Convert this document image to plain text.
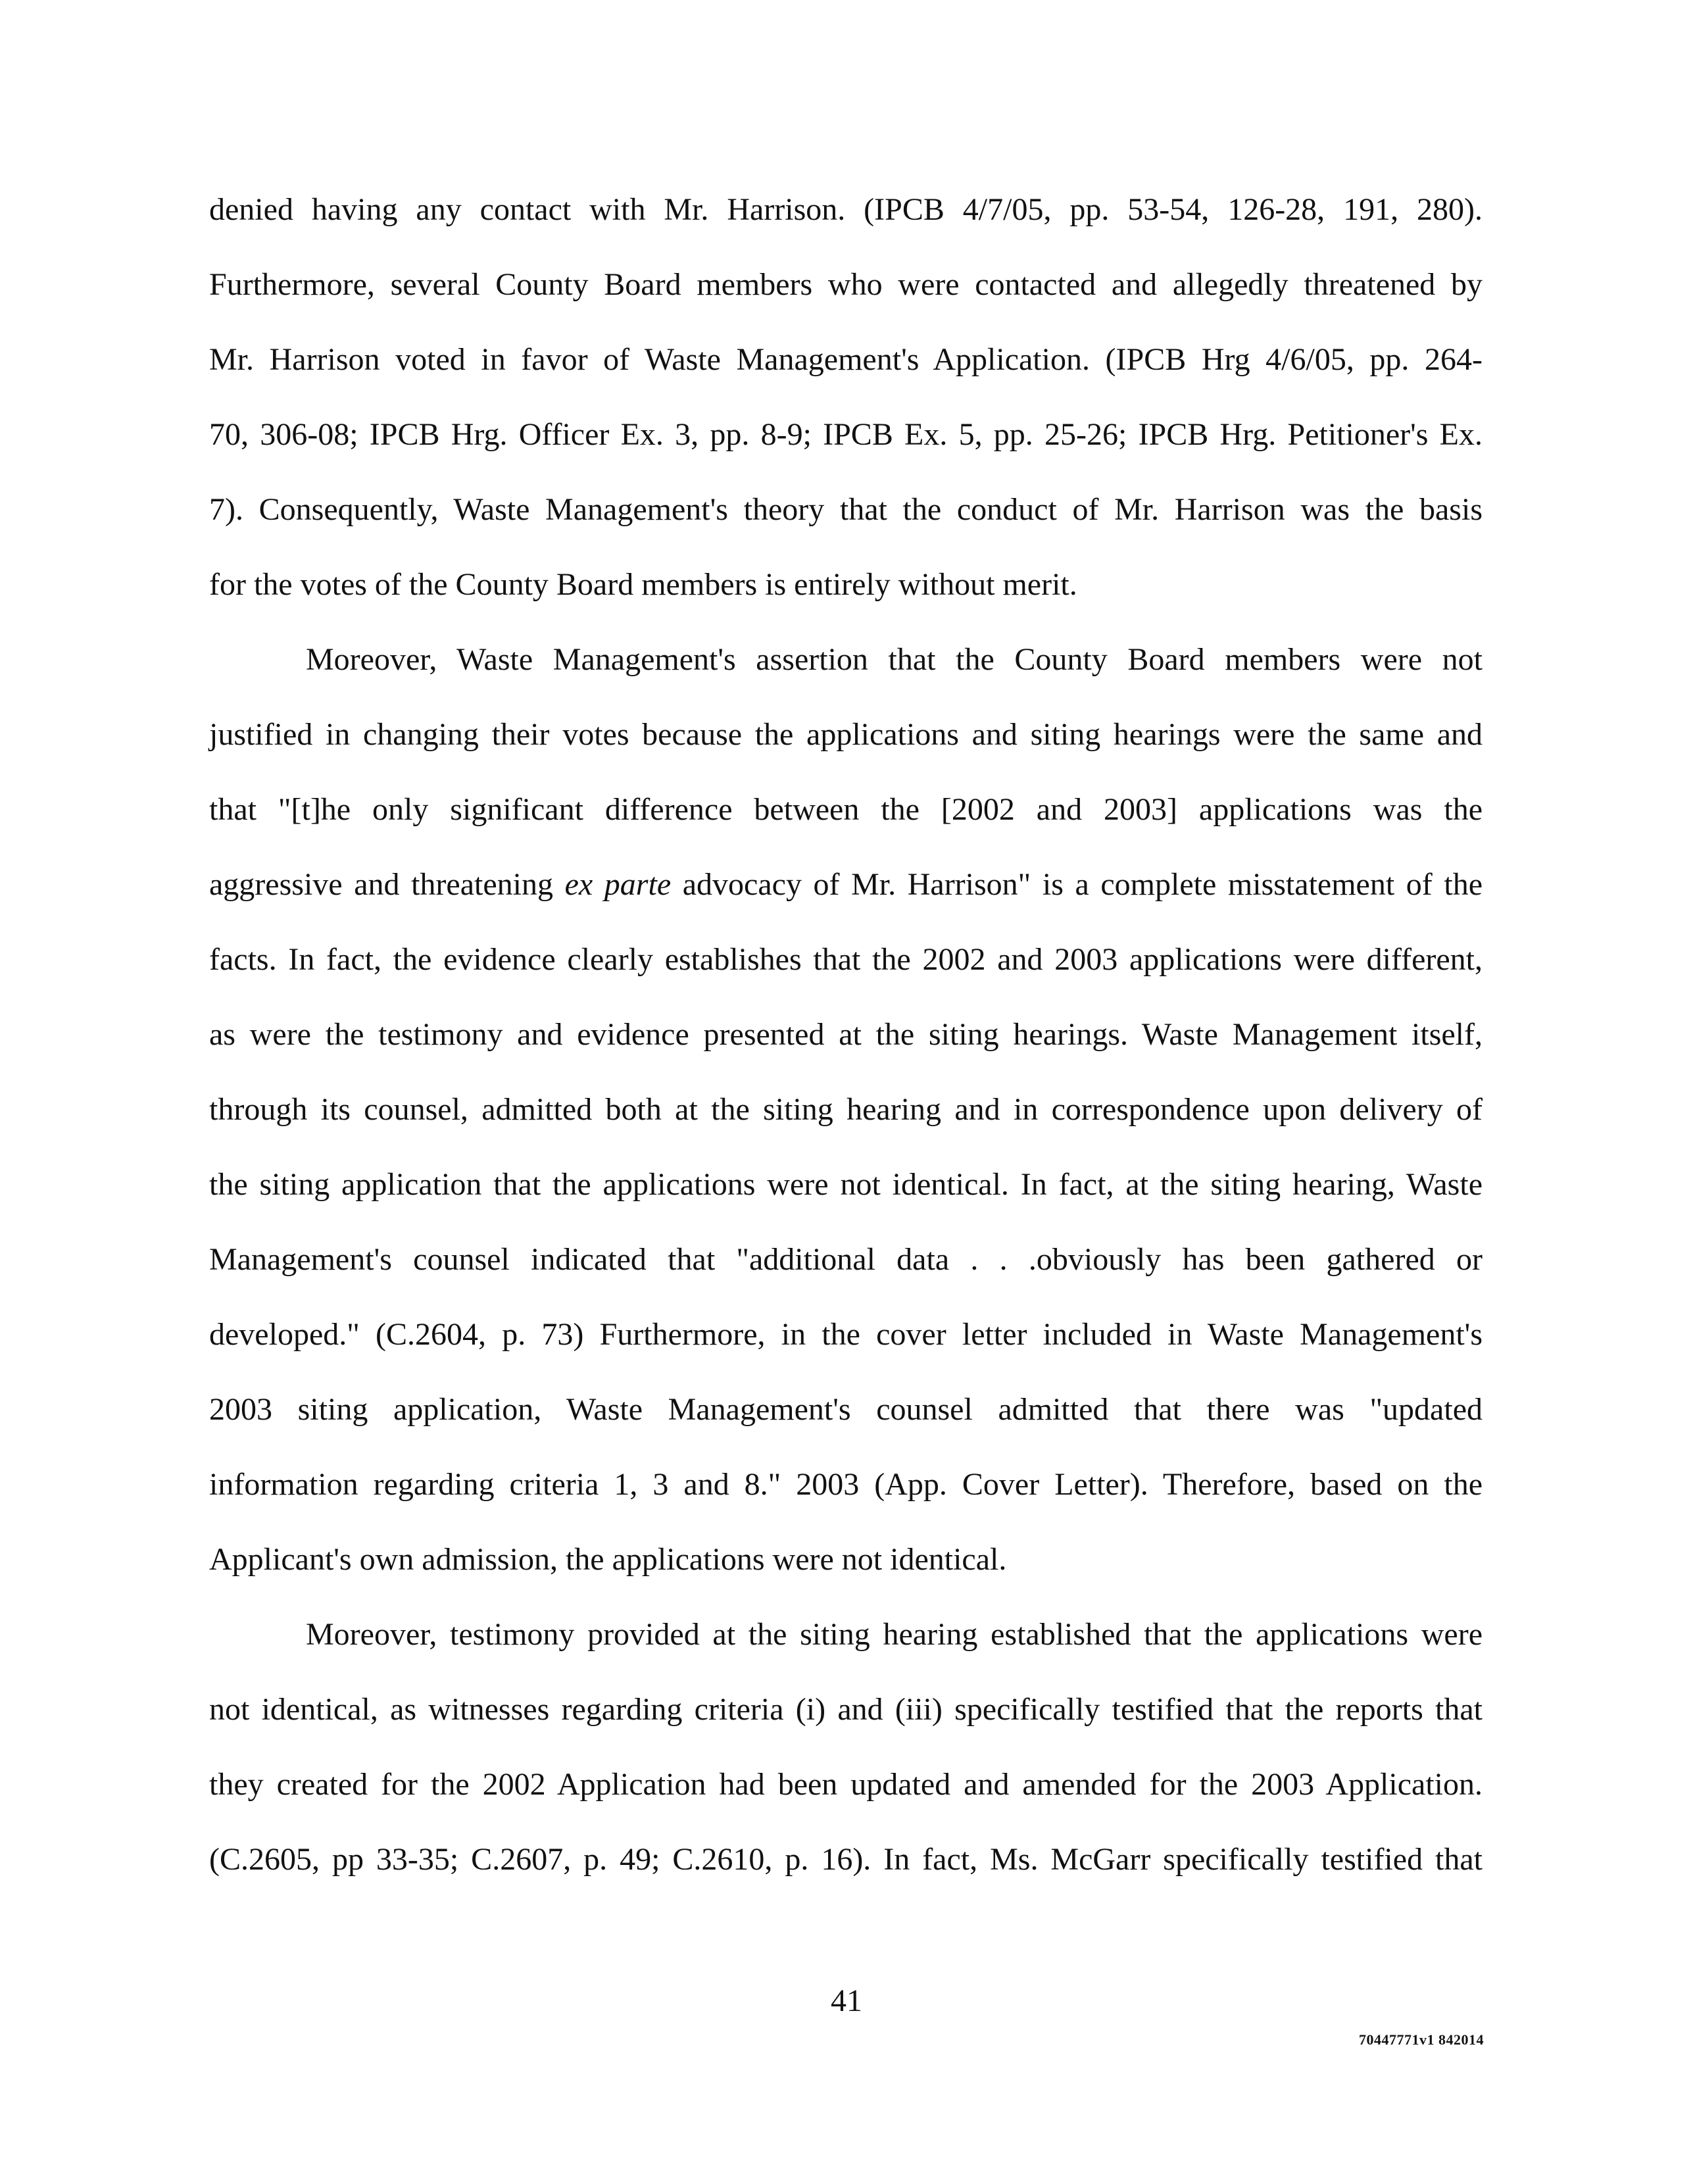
denied having any contact with Mr. Harrison. (IPCB 4/7/05, pp. 53-54, 126-28, 191, 280).
Furthermore, several County Board members who were contacted and allegedly threatened by
Mr. Harrison voted in favor of Waste Management's Application. (IPCB Hrg 4/6/05, pp. 264-
70, 306-08; IPCB Hrg. Officer Ex. 3, pp. 8-9; IPCB Ex. 5, pp. 25-26; IPCB Hrg. Petitioner's Ex.
7). Consequently, Waste Management's theory that the conduct of Mr. Harrison was the basis
for the votes of the County Board members is entirely without merit.
Moreover, Waste Management's assertion that the County Board members were not
justified in changing their votes because the applications and siting hearings were the same and
that "[t]he only significant difference between the [2002 and 2003] applications was the
aggressive and threatening ex parte advocacy of Mr. Harrison" is a complete misstatement of the
facts. In fact, the evidence clearly establishes that the 2002 and 2003 applications were different,
as were the testimony and evidence presented at the siting hearings. Waste Management itself,
through its counsel, admitted both at the siting hearing and in correspondence upon delivery of
the siting application that the applications were not identical. In fact, at the siting hearing, Waste
Management's counsel indicated that "additional data . . .obviously has been gathered or
developed." (C.2604, p. 73) Furthermore, in the cover letter included in Waste Management's
2003 siting application, Waste Management's counsel admitted that there was "updated
information regarding criteria 1, 3 and 8." 2003 (App. Cover Letter). Therefore, based on the
Applicant's own admission, the applications were not identical.
Moreover, testimony provided at the siting hearing established that the applications were
not identical, as witnesses regarding criteria (i) and (iii) specifically testified that the reports that
they created for the 2002 Application had been updated and amended for the 2003 Application.
(C.2605, pp 33-35; C.2607, p. 49; C.2610, p. 16). In fact, Ms. McGarr specifically testified that
41
70447771v1 842014
